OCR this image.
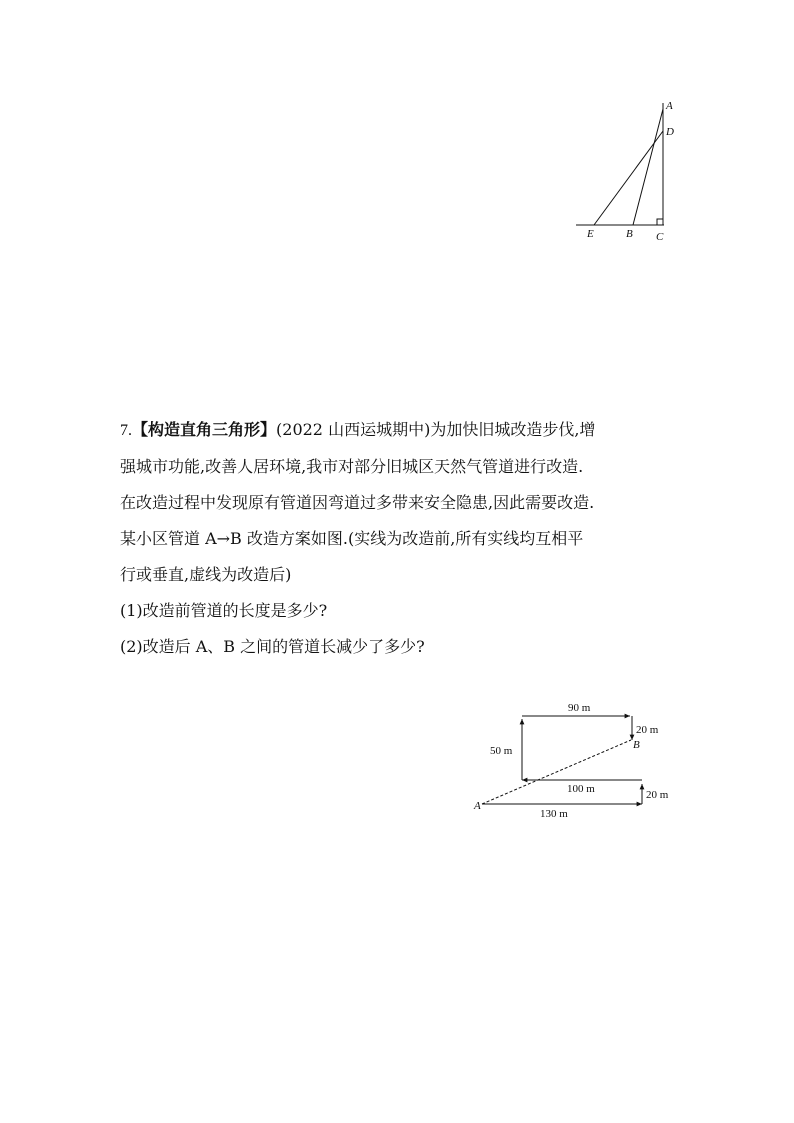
A
D
E	B C

7.【构造直角三角形】(2022 山西运城期中)为加快旧城改造步伐,增

强城市功能,改善人居环境,我市对部分旧城区天然气管道进行改造.

在改造过程中发现原有管道因弯道过多带来安全隐患,因此需要改造.

某小区管道 A→B 改造方案如图.(实线为改造前,所有实线均互相平

行或垂直,虚线为改造后)

(1)改造前管道的长度是多少?

(2)改造后 A、B 之间的管道长减少了多少?

90 m
20 m
50 m
100 m	20 m
130 m
A
B
